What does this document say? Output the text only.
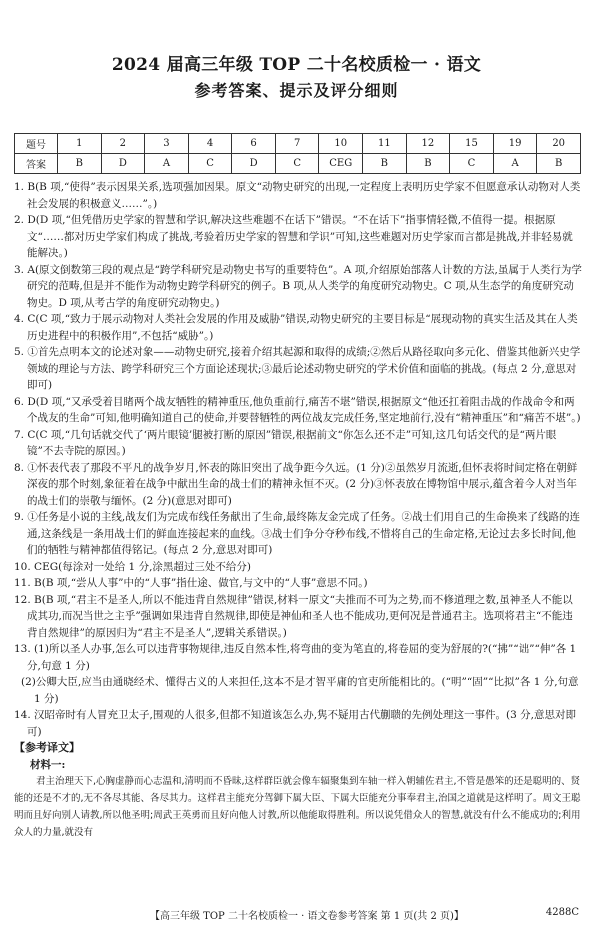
2024 届高三年级 TOP 二十名校质检一 · 语文
参考答案、提示及评分细则
题号	1	2	3	4	6	7	10	11	12	15	19	20
答案	B	D	A	C	D	C	CEG	B	B	C	A	B

1. B(B 项,“使得”表示因果关系,选项强加因果。原文“动物史研究的出现,一定程度上表明历史学家不但愿意承认动物对人类社会发展的积极意义……”。)

2. D(D 项,“但凭借历史学家的智慧和学识,解决这些难题不在话下”错误。“不在话下”指事情轻微,不值得一提。根据原文“……都对历史学家们构成了挑战,考验着历史学家的智慧和学识”可知,这些难题对历史学家而言都是挑战,并非轻易就能解决。)

3. A(原文倒数第三段的观点是“跨学科研究是动物史书写的重要特色”。A 项,介绍原始部落人计数的方法,虽属于人类行为学研究的范畴,但是并不能作为动物史跨学科研究的例子。B 项,从人类学的角度研究动物史。C 项,从生态学的角度研究动物史。D 项,从考古学的角度研究动物史。)

4. C(C 项,“致力于展示动物对人类社会发展的作用及威胁”错误,动物史研究的主要目标是“展现动物的真实生活及其在人类历史进程中的积极作用”,不包括“威胁”。)

5. ①首先点明本文的论述对象——动物史研究,接着介绍其起源和取得的成绩;②然后从路径取向多元化、借鉴其他新兴史学领域的理论与方法、跨学科研究三个方面论述现状;③最后论述动物史研究的学术价值和面临的挑战。(每点 2 分,意思对即可)

6. D(D 项,“又承受着目睹两个战友牺牲的精神重压,他负重前行,痛苦不堪”错误,根据原文“他还扛着阻击战的作战命令和两个战友的生命”可知,他明确知道自己的使命,并要替牺牲的两位战友完成任务,坚定地前行,没有“精神重压”和“痛苦不堪”。)

7. C(C 项,“几句话就交代了‘两片眼镜’腿被打断的原因”错误,根据前文“你怎么还不走”可知,这几句话交代的是“两片眼镜”不去寺院的原因。)

8. ①怀表代表了那段不平凡的战争岁月,怀表的陈旧突出了战争距今久远。(1 分)②虽然岁月流逝,但怀表将时间定格在朝鲜深夜的那个时刻,象征着在战争中献出生命的战士们的精神永恒不灭。(2 分)③怀表放在博物馆中展示,蕴含着今人对当年的战士们的崇敬与缅怀。(2 分)(意思对即可)

9. ①任务是小说的主线,战友们为完成布线任务献出了生命,最终陈友金完成了任务。②战士们用自己的生命换来了线路的连通,这条线是一条用战士们的鲜血连接起来的血线。③战士们争分夺秒布线,不惜将自己的生命定格,无论过去多长时间,他们的牺牲与精神都值得铭记。(每点 2 分,意思对即可)

10. CEG(每涂对一处给 1 分,涂黑超过三处不给分)

11. B(B 项,“尝从人事”中的“人事”指仕途、做官,与文中的“人事”意思不同。)

12. B(B 项,“君主不是圣人,所以不能违背自然规律”错误,材料一原文“夫推而不可为之势,而不修道理之数,虽神圣人不能以成其功,而况当世之主乎”强调如果违背自然规律,即使是神仙和圣人也不能成功,更何况是普通君主。选项将君主“不能违背自然规律”的原因归为“君主不是圣人”,逻辑关系错误。)

13. (1)所以圣人办事,怎么可以违背事物规律,违反自然本性,将弯曲的变为笔直的,将卷屈的变为舒展的?(“拂”“诎”“伸”各 1 分,句意 1 分)

(2)公卿大臣,应当由通晓经术、懂得古义的人来担任,这本不是才智平庸的官吏所能相比的。(“明”“固”“比拟”各 1 分,句意 1 分)

14. 汉昭帝时有人冒充卫太子,围观的人很多,但都不知道该怎么办,隽不疑用古代蒯聩的先例处理这一事件。(3 分,意思对即可)

【参考译文】

材料一:

君主治理天下,心胸虚静而心志温和,清明而不昏昧,这样群臣就会像车辐聚集到车轴一样入朝辅佐君主,不管是愚笨的还是聪明的、贤能的还是不才的,无不各尽其能、各尽其力。这样君主能充分驾御下属大臣、下属大臣能充分事奉君主,治国之道就是这样明了。周文王聪明而且好向别人请教,所以他圣明;周武王英勇而且好向他人讨教,所以他能取得胜利。所以说凭借众人的智慧,就没有什么不能成功的;利用众人的力量,就没有

【高三年级 TOP 二十名校质检一 · 语文卷参考答案 第 1 页(共 2 页)】	4288C
